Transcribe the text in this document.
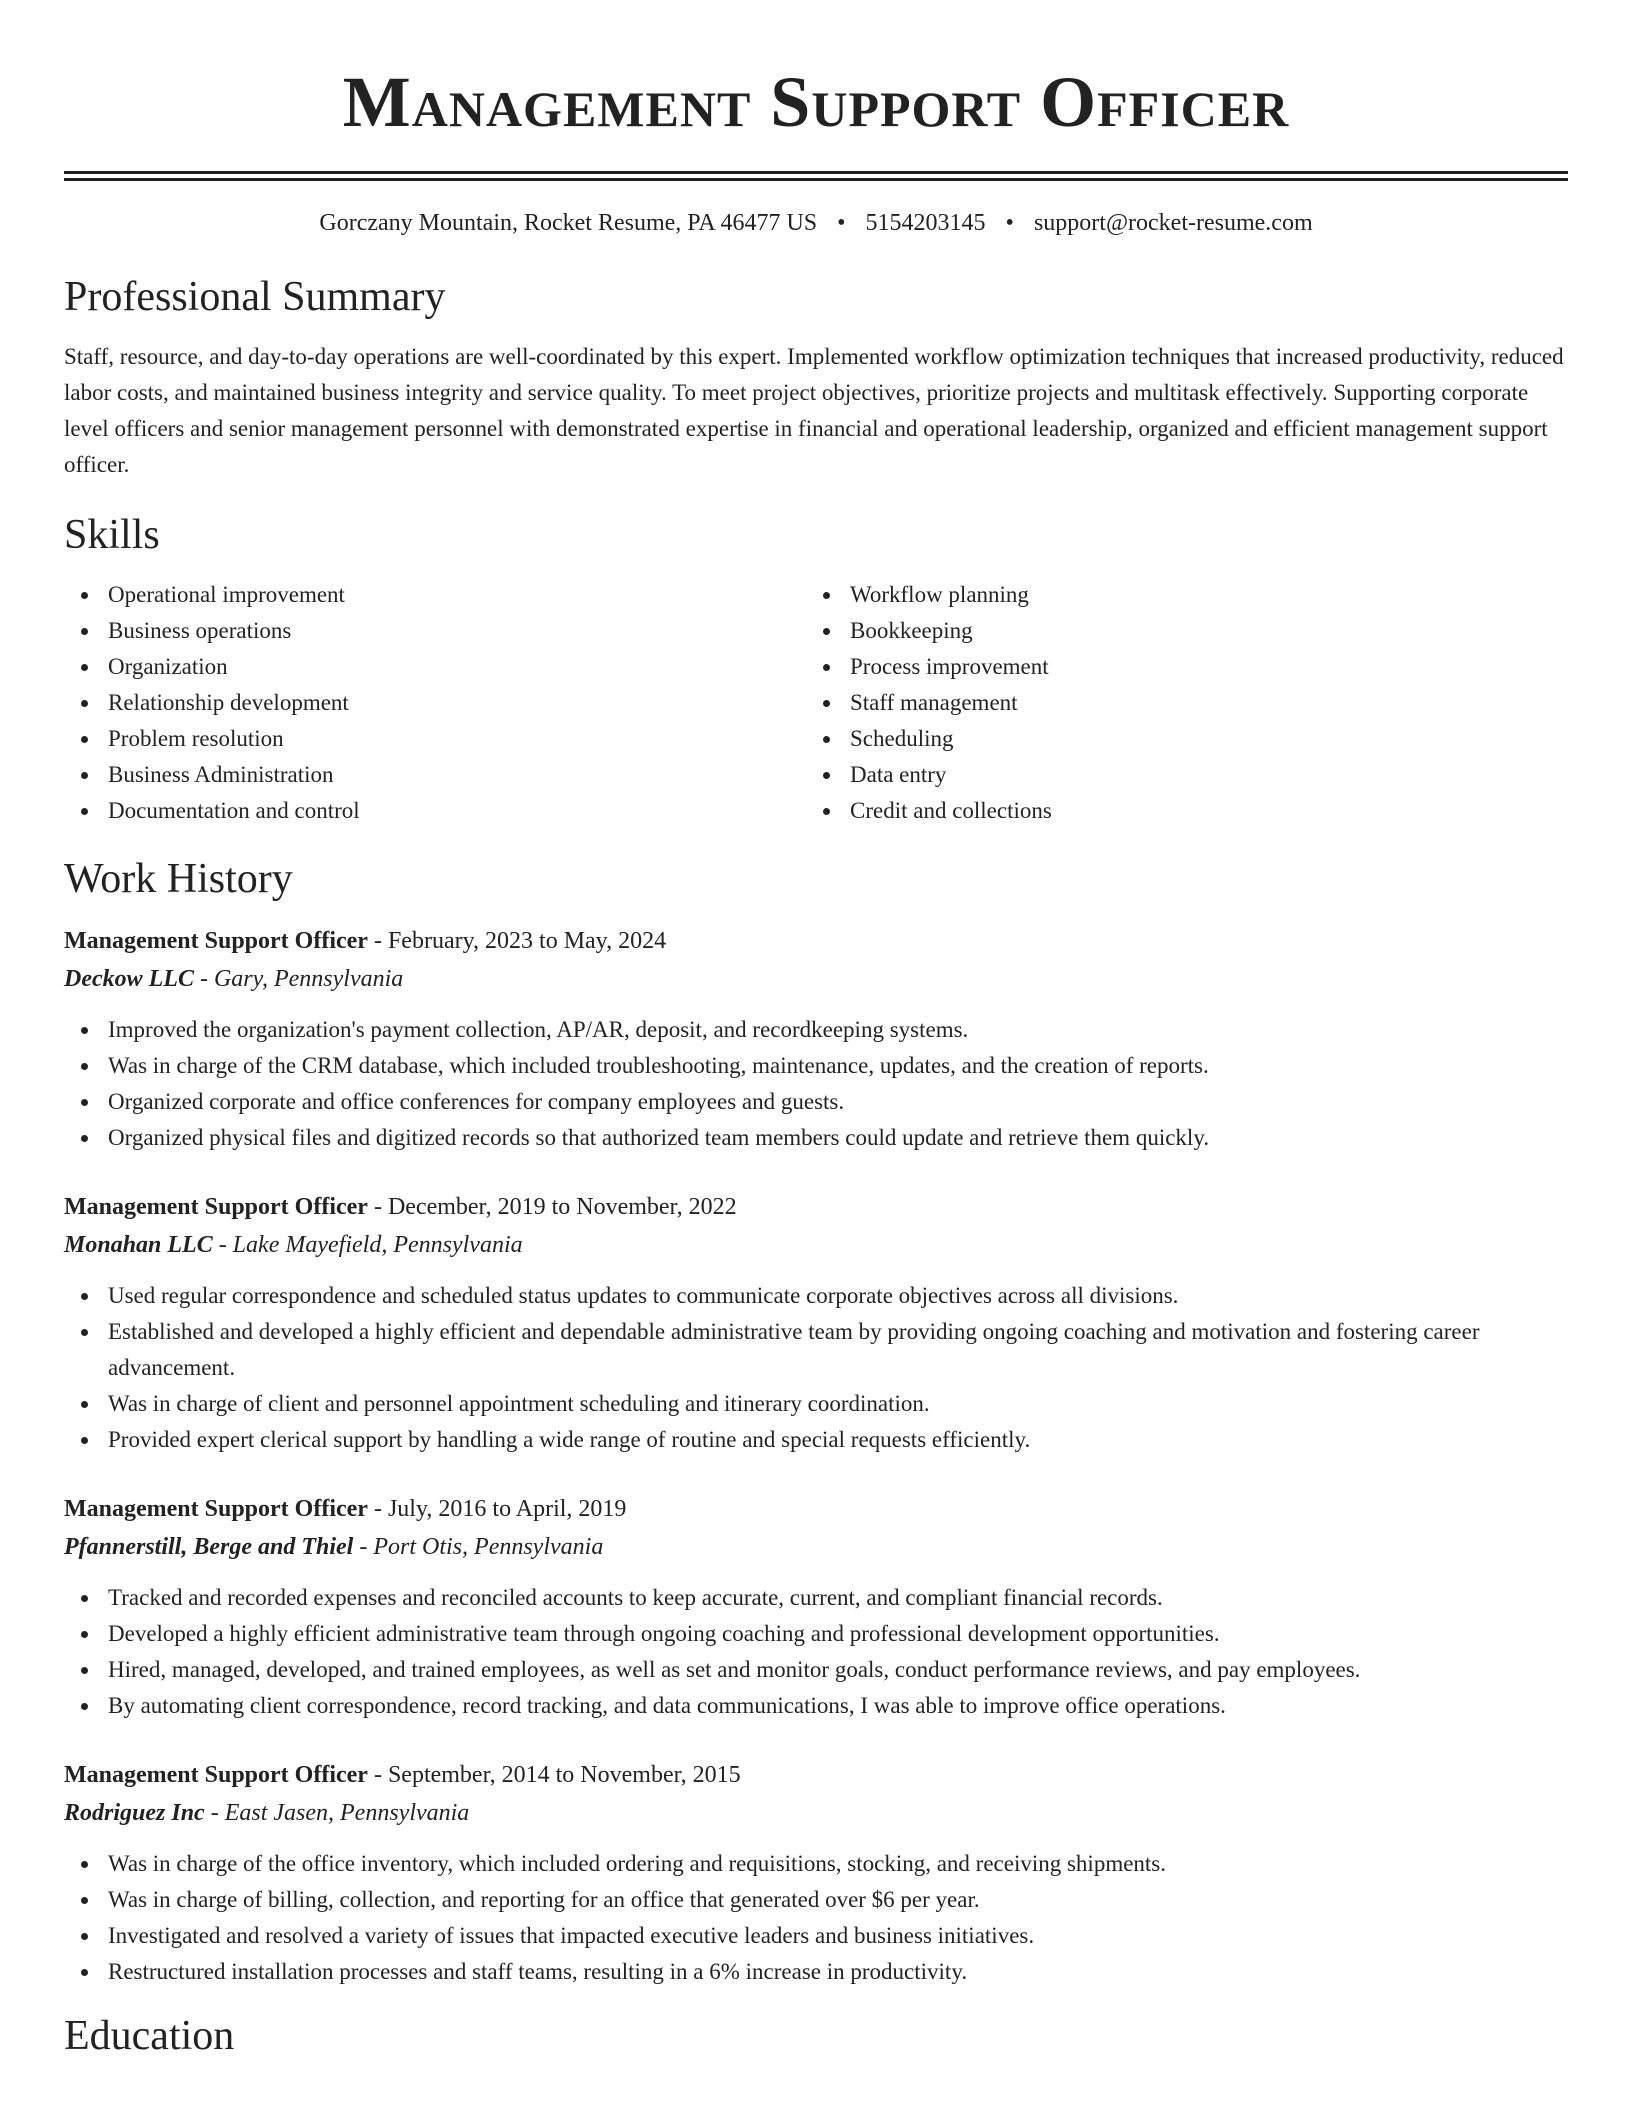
Management Support Officer
Gorczany Mountain, Rocket Resume, PA 46477 US • 5154203145 • support@rocket-resume.com
Professional Summary

Staff, resource, and day-to-day operations are well-coordinated by this expert. Implemented workflow optimization techniques that increased productivity, reduced labor costs, and maintained business integrity and service quality. To meet project objectives, prioritize projects and multitask effectively. Supporting corporate level officers and senior management personnel with demonstrated expertise in financial and operational leadership, organized and efficient management support officer.

Skills
Operational improvement
Business operations
Organization
Relationship development
Problem resolution
Business Administration
Documentation and control
Workflow planning
Bookkeeping
Process improvement
Staff management
Scheduling
Data entry
Credit and collections
Work History
Management Support Officer - February, 2023 to May, 2024
Deckow LLC - Gary, Pennsylvania
Improved the organization's payment collection, AP/AR, deposit, and recordkeeping systems.
Was in charge of the CRM database, which included troubleshooting, maintenance, updates, and the creation of reports.
Organized corporate and office conferences for company employees and guests.
Organized physical files and digitized records so that authorized team members could update and retrieve them quickly.
Management Support Officer - December, 2019 to November, 2022
Monahan LLC - Lake Mayefield, Pennsylvania
Used regular correspondence and scheduled status updates to communicate corporate objectives across all divisions.
Established and developed a highly efficient and dependable administrative team by providing ongoing coaching and motivation and fostering career advancement.
Was in charge of client and personnel appointment scheduling and itinerary coordination.
Provided expert clerical support by handling a wide range of routine and special requests efficiently.
Management Support Officer - July, 2016 to April, 2019
Pfannerstill, Berge and Thiel - Port Otis, Pennsylvania
Tracked and recorded expenses and reconciled accounts to keep accurate, current, and compliant financial records.
Developed a highly efficient administrative team through ongoing coaching and professional development opportunities.
Hired, managed, developed, and trained employees, as well as set and monitor goals, conduct performance reviews, and pay employees.
By automating client correspondence, record tracking, and data communications, I was able to improve office operations.
Management Support Officer - September, 2014 to November, 2015
Rodriguez Inc - East Jasen, Pennsylvania
Was in charge of the office inventory, which included ordering and requisitions, stocking, and receiving shipments.
Was in charge of billing, collection, and reporting for an office that generated over $6 per year.
Investigated and resolved a variety of issues that impacted executive leaders and business initiatives.
Restructured installation processes and staff teams, resulting in a 6% increase in productivity.
Education
